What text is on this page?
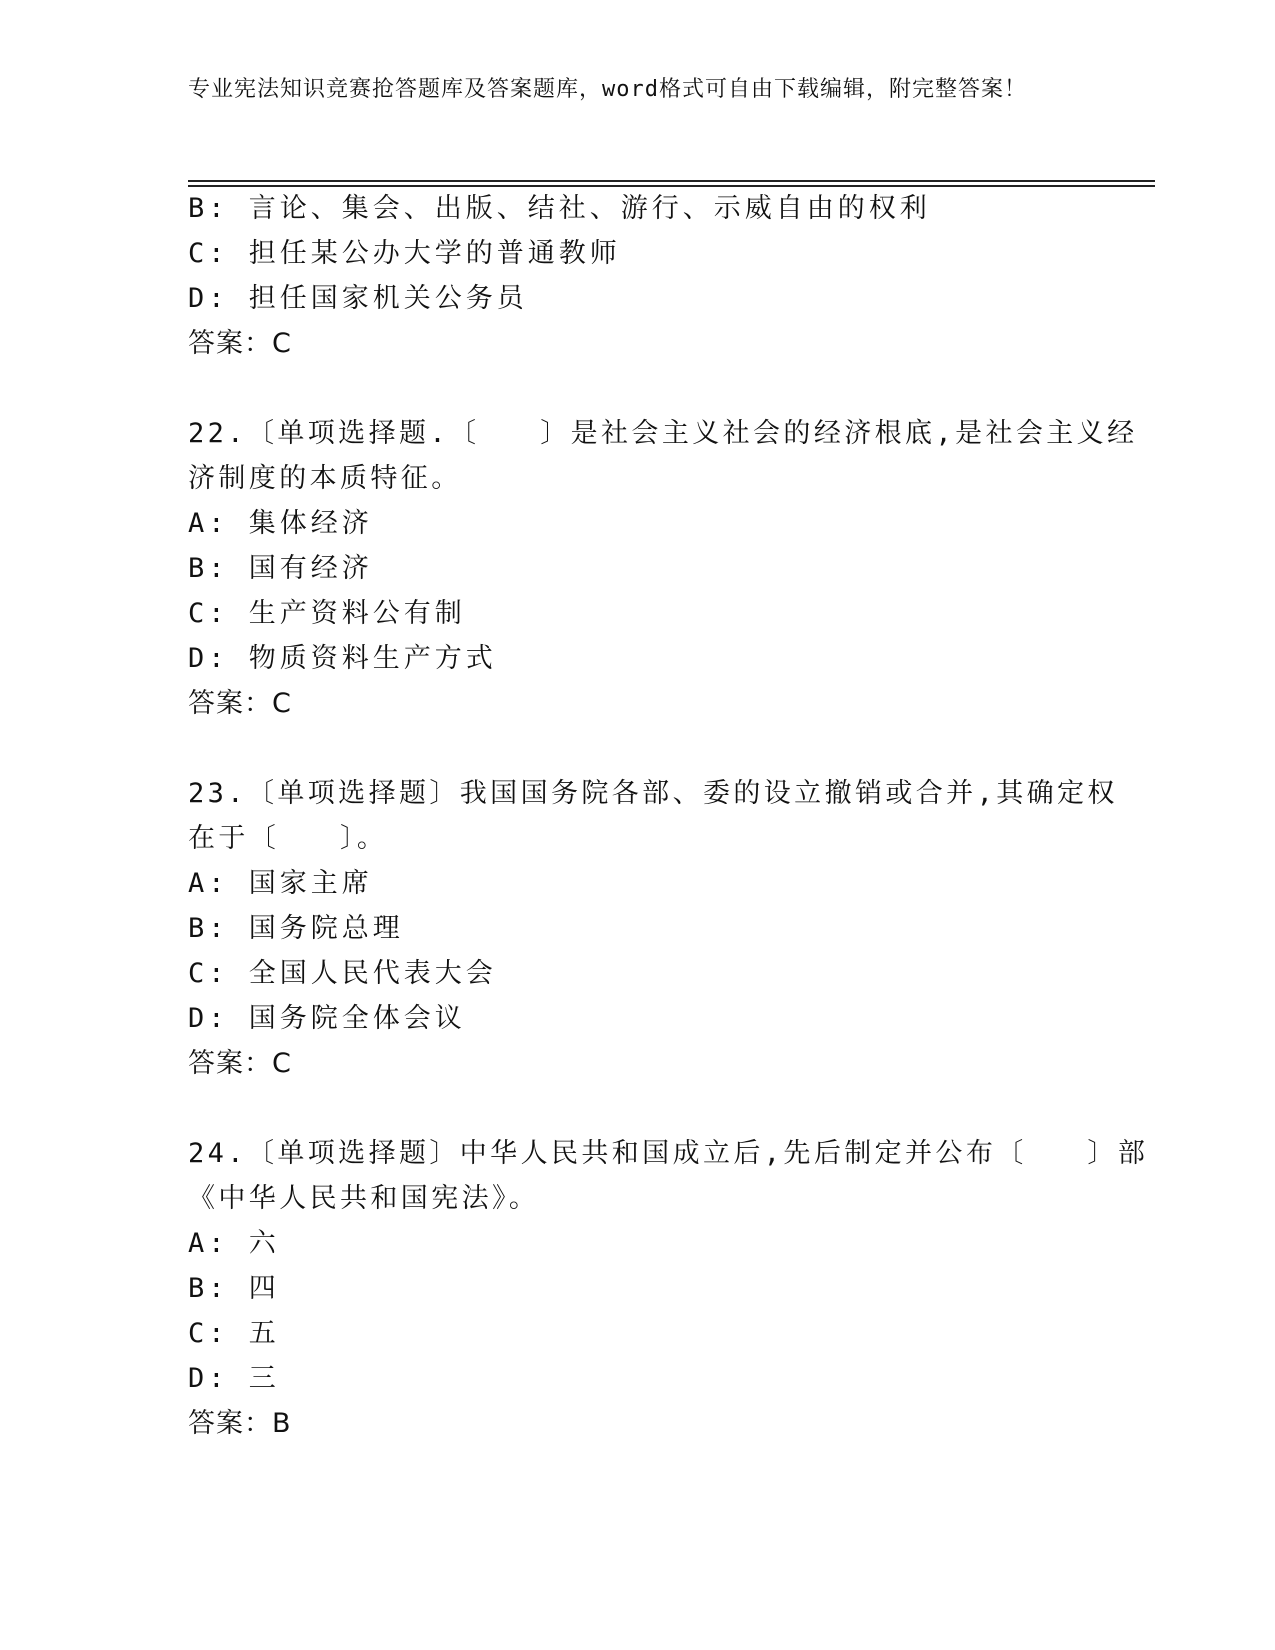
专业宪法知识竞赛抢答题库及答案题库，word格式可自由下载编辑，附完整答案！
B: 言论、集会、出版、结社、游行、示威自由的权利
C: 担任某公办大学的普通教师
D: 担任国家机关公务员
答案：C
22.〔单项选择题.〔　　〕是社会主义社会的经济根底,是社会主义经
济制度的本质特征。
A: 集体经济
B: 国有经济
C: 生产资料公有制
D: 物质资料生产方式
答案：C
23.〔单项选择题〕我国国务院各部、委的设立撤销或合并,其确定权
在于〔　　〕。
A: 国家主席
B: 国务院总理
C: 全国人民代表大会
D: 国务院全体会议
答案：C
24.〔单项选择题〕中华人民共和国成立后,先后制定并公布〔　　〕部
《中华人民共和国宪法》。
A: 六
B: 四
C: 五
D: 三
答案：B
